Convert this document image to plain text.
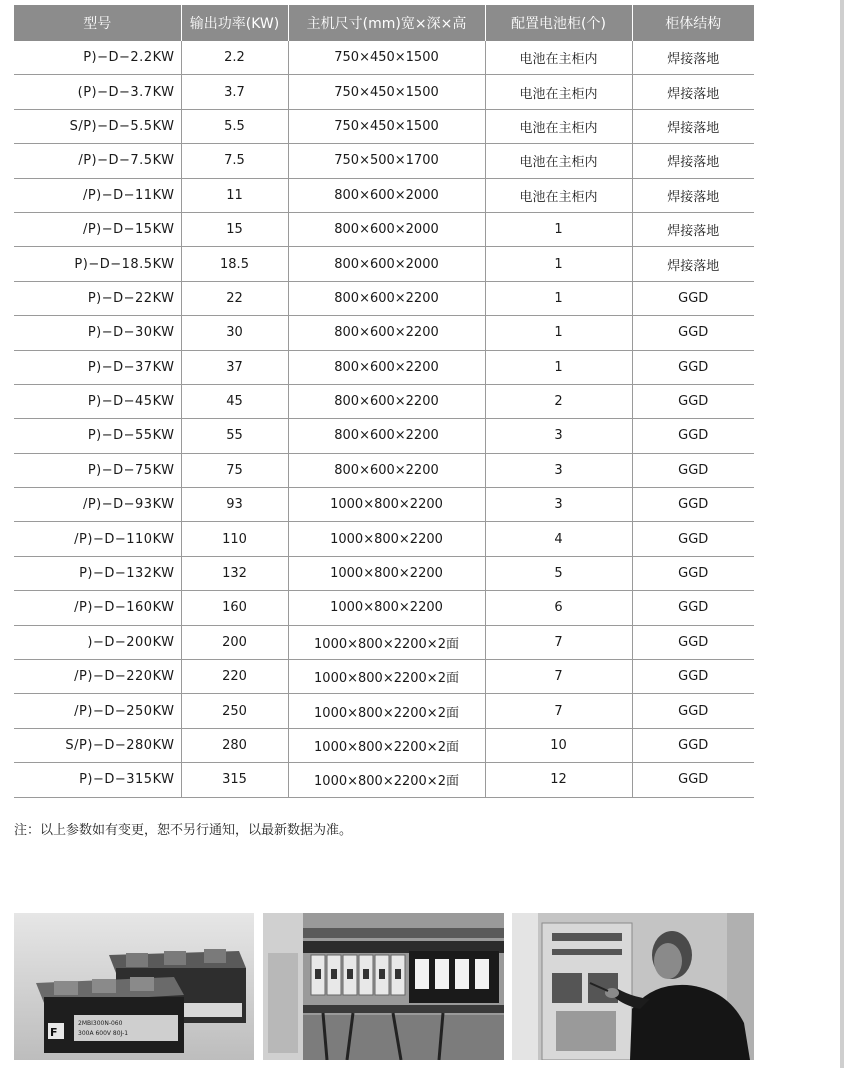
型号	输出功率(KW)	主机尺寸(mm)宽×深×高	配置电池柜(个)	柜体结构
P)−D−2.2KW	2.2	750×450×1500	电池在主柜内	焊接落地
(P)−D−3.7KW	3.7	750×450×1500	电池在主柜内	焊接落地
S/P)−D−5.5KW	5.5	750×450×1500	电池在主柜内	焊接落地
/P)−D−7.5KW	7.5	750×500×1700	电池在主柜内	焊接落地
/P)−D−11KW	11	800×600×2000	电池在主柜内	焊接落地
/P)−D−15KW	15	800×600×2000	1	焊接落地
P)−D−18.5KW	18.5	800×600×2000	1	焊接落地
P)−D−22KW	22	800×600×2200	1	GGD
P)−D−30KW	30	800×600×2200	1	GGD
P)−D−37KW	37	800×600×2200	1	GGD
P)−D−45KW	45	800×600×2200	2	GGD
P)−D−55KW	55	800×600×2200	3	GGD
P)−D−75KW	75	800×600×2200	3	GGD
/P)−D−93KW	93	1000×800×2200	3	GGD
/P)−D−110KW	110	1000×800×2200	4	GGD
P)−D−132KW	132	1000×800×2200	5	GGD
/P)−D−160KW	160	1000×800×2200	6	GGD
)−D−200KW	200	1000×800×2200×2面	7	GGD
/P)−D−220KW	220	1000×800×2200×2面	7	GGD
/P)−D−250KW	250	1000×800×2200×2面	7	GGD
S/P)−D−280KW	280	1000×800×2200×2面	10	GGD
P)−D−315KW	315	1000×800×2200×2面	12	GGD
注：以上参数如有变更，恕不另行通知，以最新数据为准。
F
2MBI300N-060
300A 600V 80J-1
